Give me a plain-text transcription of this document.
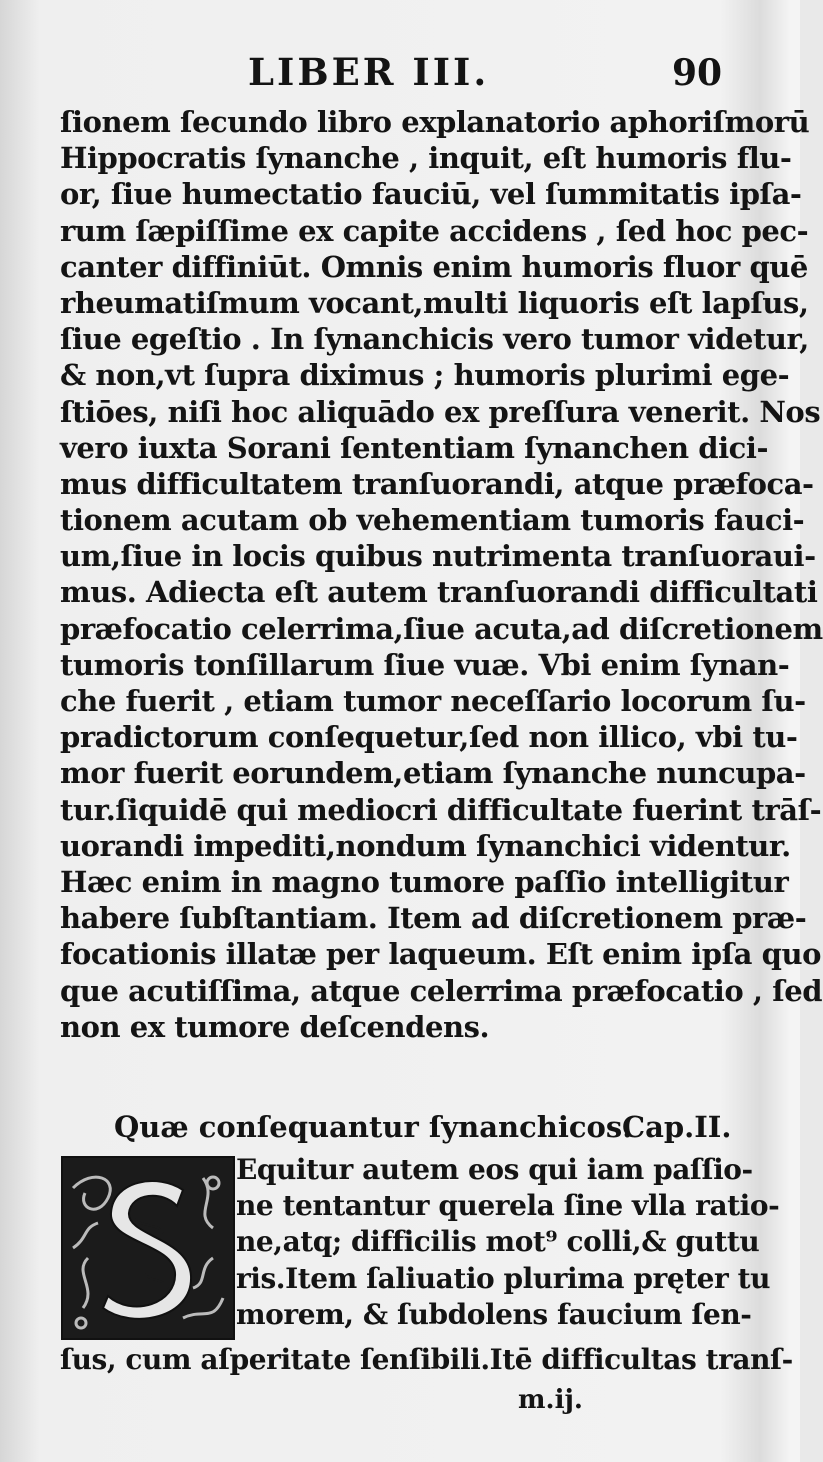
LIBER III.	90
ſionem ſecundo libro explanatorio aphoriſmorū
Hippocratis ſynanche , inquit, eſt humoris flu-
or, ſiue humectatio fauciū, vel ſummitatis ipſa-
rum ſæpiſſime ex capite accidens , ſed hoc pec-
canter diffiniūt. Omnis enim humoris fluor quē
rheumatiſmum vocant,multi liquoris eſt lapſus,
ſiue egeſtio . In ſynanchicis vero tumor videtur,
& non,vt ſupra diximus ; humoris plurimi ege-
ſtiōes, niſi hoc aliquādo ex preſſura venerit. Nos
vero iuxta Sorani ſententiam ſynanchen dici-
mus difficultatem tranſuorandi, atque præfoca-
tionem acutam ob vehementiam tumoris fauci-
um,ſiue in locis quibus nutrimenta tranſuoraui-
mus. Adiecta eſt autem tranſuorandi difficultati
præfocatio celerrima,ſiue acuta,ad diſcretionem
tumoris tonſillarum ſiue vuæ. Vbi enim ſynan-
che fuerit , etiam tumor neceſſario locorum ſu-
pradictorum conſequetur,ſed non illico, vbi tu-
mor fuerit eorundem,etiam ſynanche nuncupa-
tur.ſiquidē qui mediocri difficultate fuerint trāſ-
uorandi impediti,nondum ſynanchici videntur.
Hæc enim in magno tumore paſſio intelligitur
habere ſubſtantiam. Item ad diſcretionem præ-
focationis illatæ per laqueum. Eſt enim ipſa quo
que acutiſſima, atque celerrima præfocatio , ſed
non ex tumore deſcendens.
Quæ conſequantur ſynanchicos.
Cap.II.
Equitur autem eos qui iam paſſio-
ne tentantur querela ſine vlla ratio-
ne,atq; difficilis mot⁹ colli,& guttu
ris.Item ſaliuatio plurima pręter tu
morem, & ſubdolens faucium ſen-
ſus, cum aſperitate ſenſibili.Itē difficultas tranſ-
m.ij.
